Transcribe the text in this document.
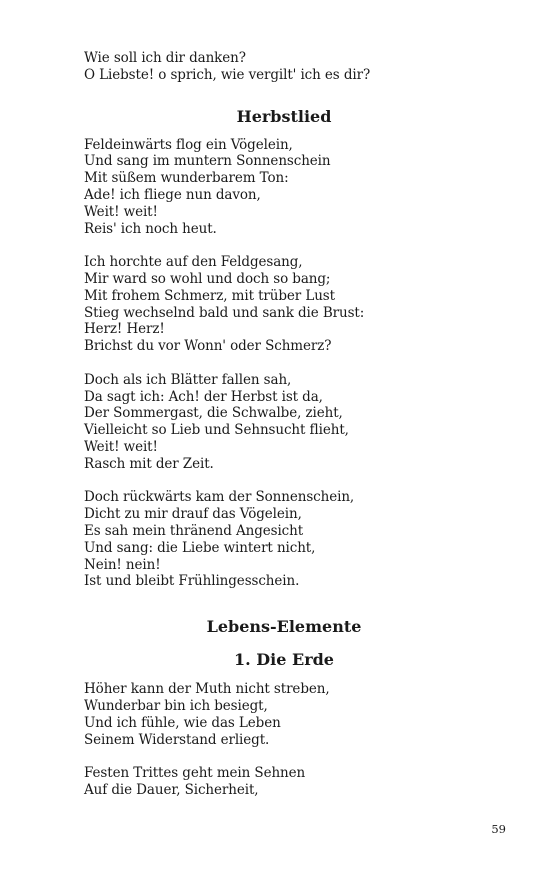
Wie soll ich dir danken?
O Liebste! o sprich, wie vergilt' ich es dir?
Herbstlied
Feldeinwärts flog ein Vögelein,
Und sang im muntern Sonnenschein
Mit süßem wunderbarem Ton:
Ade! ich fliege nun davon,
Weit! weit!
Reis' ich noch heut.
Ich horchte auf den Feldgesang,
Mir ward so wohl und doch so bang;
Mit frohem Schmerz, mit trüber Lust
Stieg wechselnd bald und sank die Brust:
Herz! Herz!
Brichst du vor Wonn' oder Schmerz?
Doch als ich Blätter fallen sah,
Da sagt ich: Ach! der Herbst ist da,
Der Sommergast, die Schwalbe, zieht,
Vielleicht so Lieb und Sehnsucht flieht,
Weit! weit!
Rasch mit der Zeit.
Doch rückwärts kam der Sonnenschein,
Dicht zu mir drauf das Vögelein,
Es sah mein thränend Angesicht
Und sang: die Liebe wintert nicht,
Nein! nein!
Ist und bleibt Frühlingesschein.
Lebens-Elemente
1. Die Erde
Höher kann der Muth nicht streben,
Wunderbar bin ich besiegt,
Und ich fühle, wie das Leben
Seinem Widerstand erliegt.
Festen Trittes geht mein Sehnen
Auf die Dauer, Sicherheit,
59
